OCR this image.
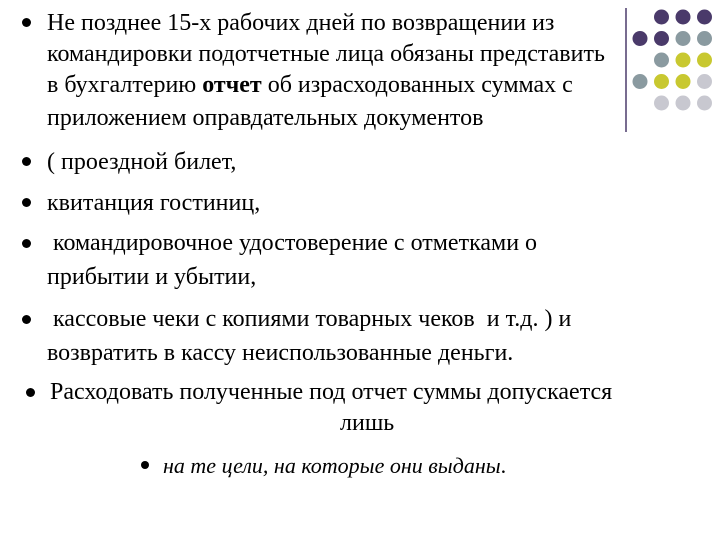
Не позднее 15-х рабочих дней по возвращении из
командировки подотчетные лица обязаны представить
в бухгалтерию отчет об израсходованных суммах с
приложением оправдательных документов
( проездной билет,
квитанция гостиниц,
командировочное удостоверение с отметками о
прибытии и убытии,
кассовые чеки с копиями товарных чеков  и т.д. ) и
возвратить в кассу неиспользованные деньги.
Расходовать полученные под отчет суммы допускается
лишь
на те цели, на которые они выданы.
